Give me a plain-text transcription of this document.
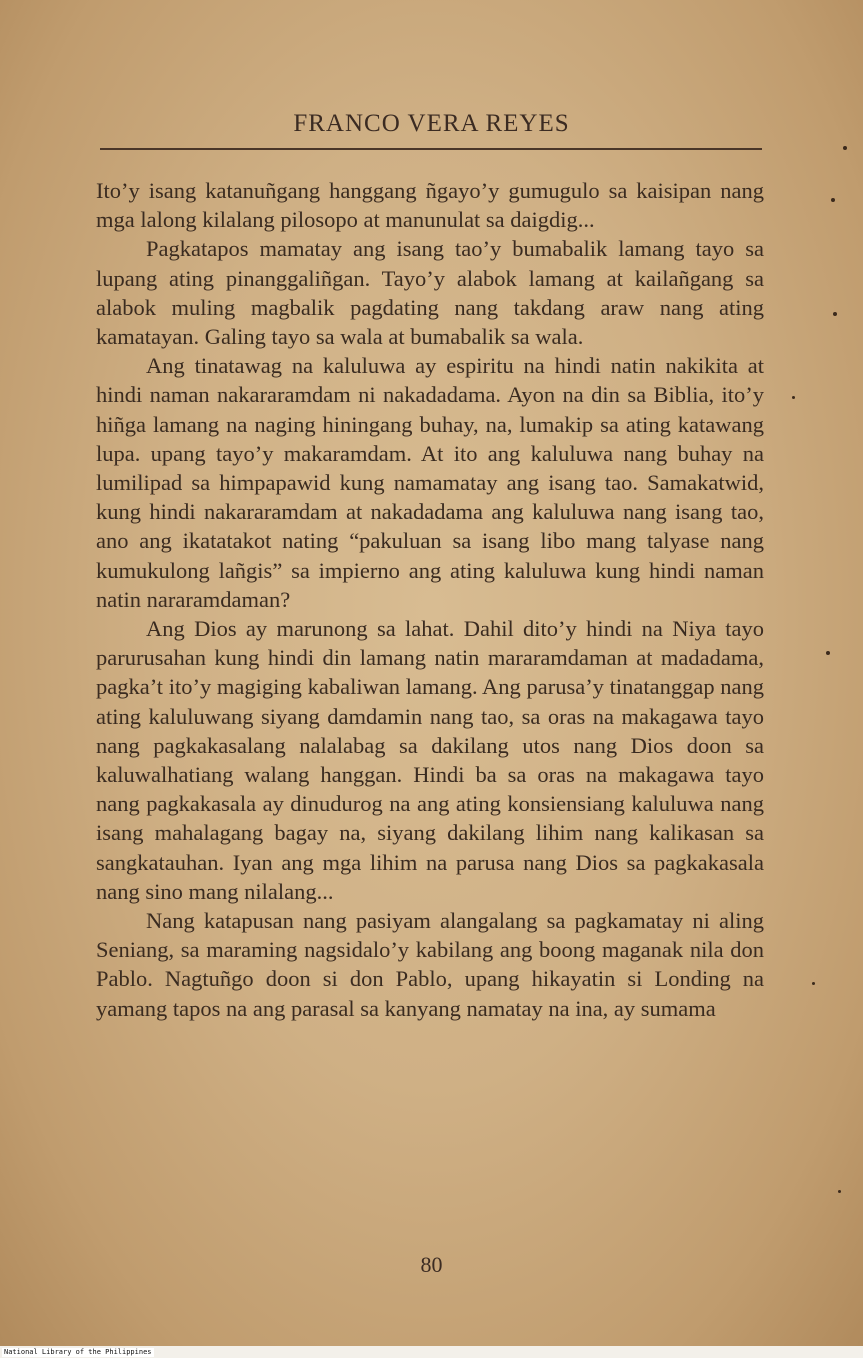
FRANCO VERA REYES

Ito’y isang katanuñgang hanggang ñgayo’y gumugulo sa kaisipan nang mga lalong kilalang pilosopo at manunulat sa daigdig...

Pagkatapos mamatay ang isang tao’y bumabalik lamang tayo sa lupang ating pinanggaliñgan. Tayo’y alabok lamang at kailañgang sa alabok muling magbalik pagdating nang takdang araw nang ating kamatayan. Galing tayo sa wala at bumabalik sa wala.

Ang tinatawag na kaluluwa ay espiritu na hindi natin nakikita at hindi naman nakararamdam ni nakadadama. Ayon na din sa Biblia, ito’y hiñga lamang na naging hiningang buhay, na, lumakip sa ating katawang lupa. upang tayo’y makaramdam. At ito ang kaluluwa nang buhay na lumilipad sa himpapawid kung namamatay ang isang tao. Samakatwid, kung hindi nakararamdam at nakadadama ang kaluluwa nang isang tao, ano ang ikatatakot nating “pakuluan sa isang libo mang talyase nang kumukulong lañgis” sa impierno ang ating kaluluwa kung hindi naman natin nararamdaman?

Ang Dios ay marunong sa lahat. Dahil dito’y hindi na Niya tayo parurusahan kung hindi din lamang natin mararamdaman at madadama, pagka’t ito’y magiging kabaliwan lamang. Ang parusa’y tinatanggap nang ating kaluluwang siyang damdamin nang tao, sa oras na makagawa tayo nang pagkakasalang nalalabag sa dakilang utos nang Dios doon sa kaluwalhatiang walang hanggan. Hindi ba sa oras na makagawa tayo nang pagkakasala ay dinudurog na ang ating konsiensiang kaluluwa nang isang mahalagang bagay na, siyang dakilang lihim nang kalikasan sa sangkatauhan. Iyan ang mga lihim na parusa nang Dios sa pagkakasala nang sino mang nilalang...

Nang katapusan nang pasiyam alangalang sa pagkamatay ni aling Seniang, sa maraming nagsidalo’y kabilang ang boong maganak nila don Pablo. Nagtuñgo doon si don Pablo, upang hikayatin si Londing na yamang tapos na ang parasal sa kanyang namatay na ina, ay sumama

80
National Library of the Philippines
